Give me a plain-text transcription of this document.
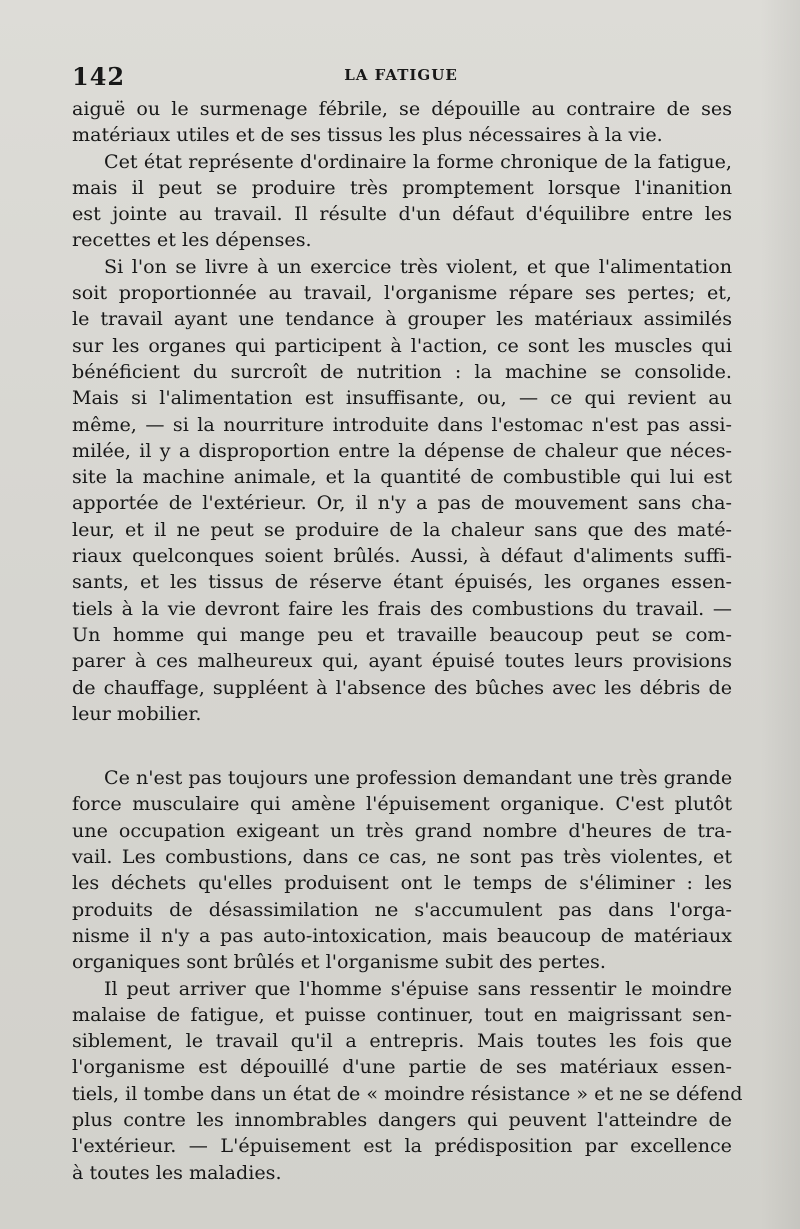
142	LA FATIGUE
aiguë ou le surmenage fébrile, se dépouille au contraire de ses
matériaux utiles et de ses tissus les plus nécessaires à la vie.
Cet état représente d'ordinaire la forme chronique de la fatigue,
mais il peut se produire très promptement lorsque l'inanition
est jointe au travail. Il résulte d'un défaut d'équilibre entre les
recettes et les dépenses.
Si l'on se livre à un exercice très violent, et que l'alimentation
soit proportionnée au travail, l'organisme répare ses pertes; et,
le travail ayant une tendance à grouper les matériaux assimilés
sur les organes qui participent à l'action, ce sont les muscles qui
bénéficient du surcroît de nutrition : la machine se consolide.
Mais si l'alimentation est insuffisante, ou, — ce qui revient au
même, — si la nourriture introduite dans l'estomac n'est pas assi-
milée, il y a disproportion entre la dépense de chaleur que néces-
site la machine animale, et la quantité de combustible qui lui est
apportée de l'extérieur. Or, il n'y a pas de mouvement sans cha-
leur, et il ne peut se produire de la chaleur sans que des maté-
riaux quelconques soient brûlés. Aussi, à défaut d'aliments suffi-
sants, et les tissus de réserve étant épuisés, les organes essen-
tiels à la vie devront faire les frais des combustions du travail. —
Un homme qui mange peu et travaille beaucoup peut se com-
parer à ces malheureux qui, ayant épuisé toutes leurs provisions
de chauffage, suppléent à l'absence des bûches avec les débris de
leur mobilier.
Ce n'est pas toujours une profession demandant une très grande
force musculaire qui amène l'épuisement organique. C'est plutôt
une occupation exigeant un très grand nombre d'heures de tra-
vail. Les combustions, dans ce cas, ne sont pas très violentes, et
les déchets qu'elles produisent ont le temps de s'éliminer : les
produits de désassimilation ne s'accumulent pas dans l'orga-
nisme il n'y a pas auto-intoxication, mais beaucoup de matériaux
organiques sont brûlés et l'organisme subit des pertes.
Il peut arriver que l'homme s'épuise sans ressentir le moindre
malaise de fatigue, et puisse continuer, tout en maigrissant sen-
siblement, le travail qu'il a entrepris. Mais toutes les fois que
l'organisme est dépouillé d'une partie de ses matériaux essen-
tiels, il tombe dans un état de « moindre résistance » et ne se défend
plus contre les innombrables dangers qui peuvent l'atteindre de
l'extérieur. — L'épuisement est la prédisposition par excellence
à toutes les maladies.
